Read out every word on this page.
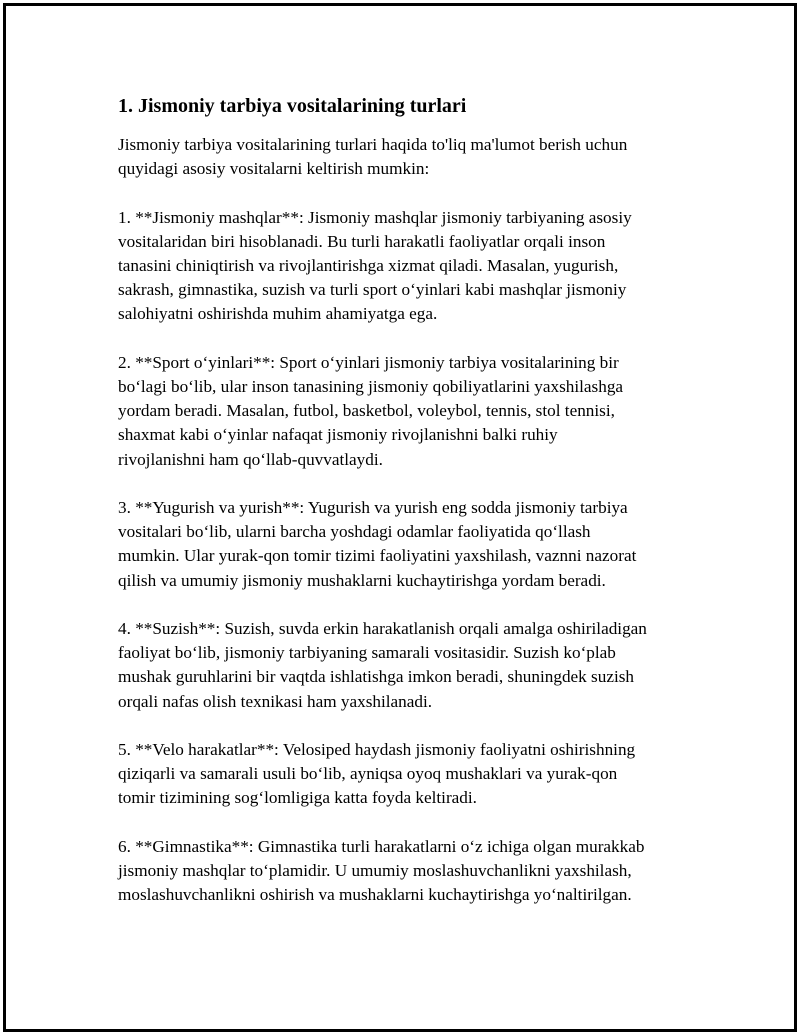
1. Jismoniy tarbiya vositalarining turlari

Jismoniy tarbiya vositalarining turlari haqida to'liq ma'lumot berish uchun
quyidagi asosiy vositalarni keltirish mumkin:

1. **Jismoniy mashqlar**: Jismoniy mashqlar jismoniy tarbiyaning asosiy
vositalaridan biri hisoblanadi. Bu turli harakatli faoliyatlar orqali inson
tanasini chiniqtirish va rivojlantirishga xizmat qiladi. Masalan, yugurish,
sakrash, gimnastika, suzish va turli sport o‘yinlari kabi mashqlar jismoniy
salohiyatni oshirishda muhim ahamiyatga ega.

2. **Sport o‘yinlari**: Sport o‘yinlari jismoniy tarbiya vositalarining bir
bo‘lagi bo‘lib, ular inson tanasining jismoniy qobiliyatlarini yaxshilashga
yordam beradi. Masalan, futbol, basketbol, voleybol, tennis, stol tennisi,
shaxmat kabi o‘yinlar nafaqat jismoniy rivojlanishni balki ruhiy
rivojlanishni ham qo‘llab-quvvatlaydi.

3. **Yugurish va yurish**: Yugurish va yurish eng sodda jismoniy tarbiya
vositalari bo‘lib, ularni barcha yoshdagi odamlar faoliyatida qo‘llash
mumkin. Ular yurak-qon tomir tizimi faoliyatini yaxshilash, vaznni nazorat
qilish va umumiy jismoniy mushaklarni kuchaytirishga yordam beradi.

4. **Suzish**: Suzish, suvda erkin harakatlanish orqali amalga oshiriladigan
faoliyat bo‘lib, jismoniy tarbiyaning samarali vositasidir. Suzish ko‘plab
mushak guruhlarini bir vaqtda ishlatishga imkon beradi, shuningdek suzish
orqali nafas olish texnikasi ham yaxshilanadi.

5. **Velo harakatlar**: Velosiped haydash jismoniy faoliyatni oshirishning
qiziqarli va samarali usuli bo‘lib, ayniqsa oyoq mushaklari va yurak-qon
tomir tizimining sog‘lomligiga katta foyda keltiradi.

6. **Gimnastika**: Gimnastika turli harakatlarni o‘z ichiga olgan murakkab
jismoniy mashqlar to‘plamidir. U umumiy moslashuvchanlikni yaxshilash,
moslashuvchanlikni oshirish va mushaklarni kuchaytirishga yo‘naltirilgan.
